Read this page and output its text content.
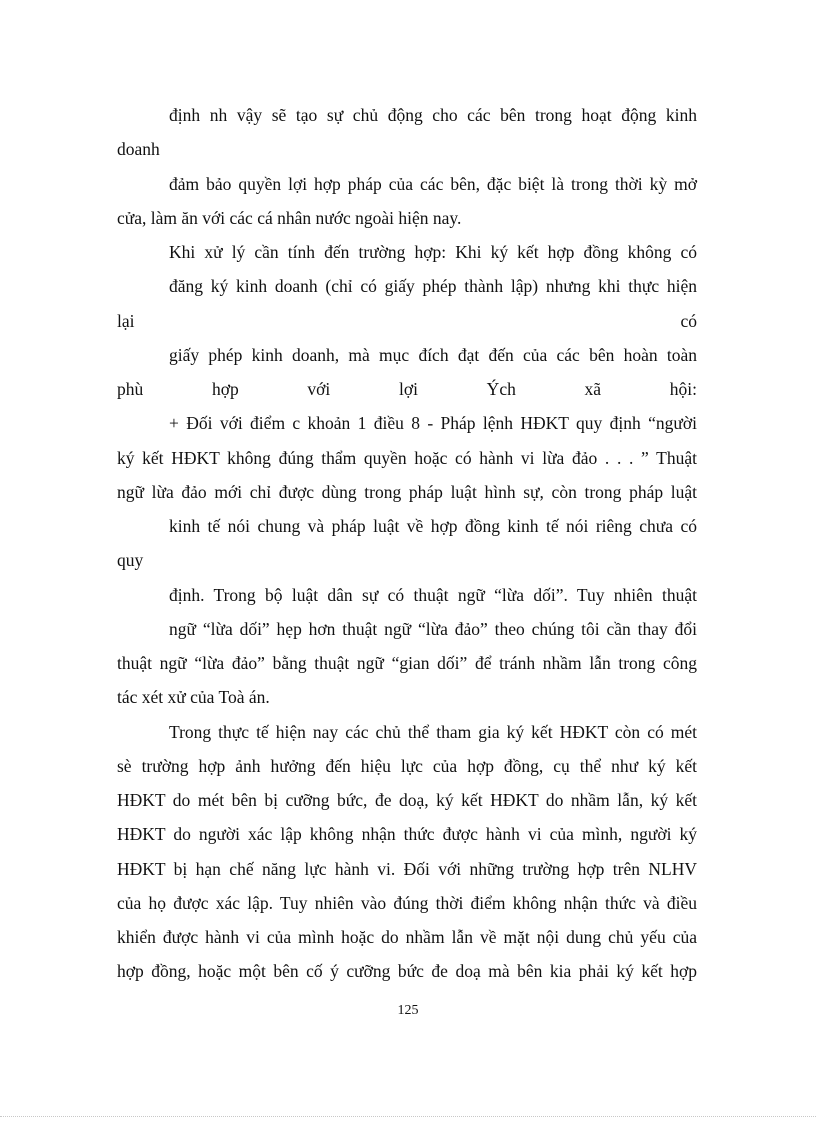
định nh vậy sẽ tạo sự chủ động cho các bên trong hoạt động kinh

doanh

đảm bảo quyền lợi hợp pháp của các bên, đặc biệt là trong thời kỳ mở

cửa, làm ăn với các cá nhân nước ngoài hiện nay.

Khi xử lý cần tính đến trường hợp: Khi ký kết hợp đồng không có

đăng ký kinh doanh (chỉ có giấy phép thành lập) nhưng khi thực hiện

lại có

giấy phép kinh doanh, mà mục đích đạt đến của các bên hoàn toàn

phù hợp với lợi Ých xã hội:

+ Đối với điểm c khoản 1 điều 8 - Pháp lệnh HĐKT quy định “người

ký kết HĐKT không đúng thẩm quyền hoặc có hành vi lừa đảo . . . ” Thuật

ngữ lừa đảo mới chỉ được dùng trong pháp luật hình sự, còn trong pháp luật

kinh tế nói chung và pháp luật về hợp đồng kinh tế nói riêng chưa có

quy

định. Trong bộ luật dân sự có thuật ngữ “lừa dối”. Tuy nhiên thuật

ngữ “lừa dối” hẹp hơn thuật ngữ “lừa đảo” theo chúng tôi cần thay đổi

thuật ngữ “lừa đảo” bằng thuật ngữ “gian dối” để tránh nhầm lẫn trong công

tác xét xử của Toà án.

Trong thực tế hiện nay các chủ thể tham gia ký kết HĐKT còn có mét

sè trường hợp ảnh hưởng đến hiệu lực của hợp đồng, cụ thể như ký kết

HĐKT do mét bên bị cưỡng bức, đe doạ, ký kết HĐKT do nhầm lẫn, ký kết

HĐKT do người xác lập không nhận thức được hành vi của mình, người ký

HĐKT bị hạn chế năng lực hành vi. Đối với những trường hợp trên NLHV

của họ được xác lập. Tuy nhiên vào đúng thời điểm không nhận thức và điều

khiển được hành vi của mình hoặc do nhầm lẫn về mặt nội dung chủ yếu của

hợp đồng, hoặc một bên cố ý cưỡng bức đe doạ mà bên kia phải ký kết hợp

125
